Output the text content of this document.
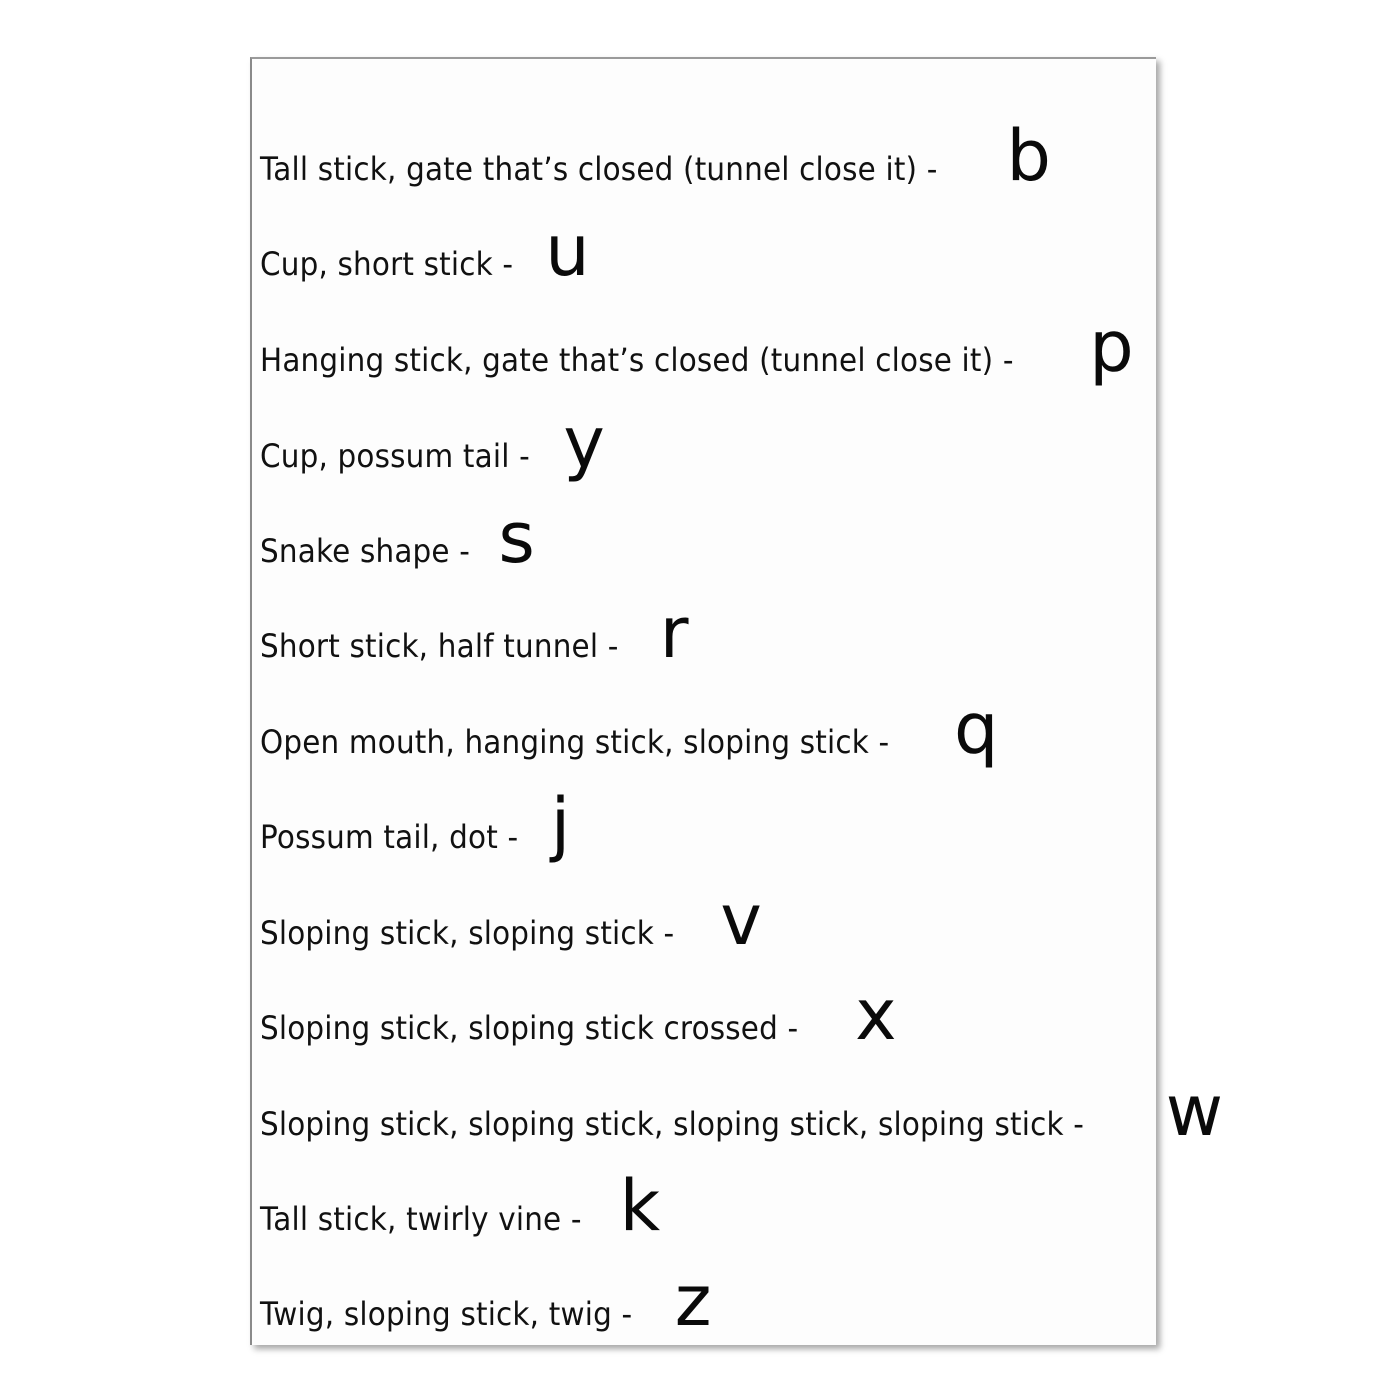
Tall stick, gate that’s closed (tunnel close it) - b
Cup, short stick - u
Hanging stick, gate that’s closed (tunnel close it) - p
Cup, possum tail - y
Snake shape - s
Short stick, half tunnel - r
Open mouth, hanging stick, sloping stick - q
Possum tail, dot - j
Sloping stick, sloping stick - v
Sloping stick, sloping stick crossed - x
Sloping stick, sloping stick, sloping stick, sloping stick - w
Tall stick, twirly vine - k
Twig, sloping stick, twig - z
